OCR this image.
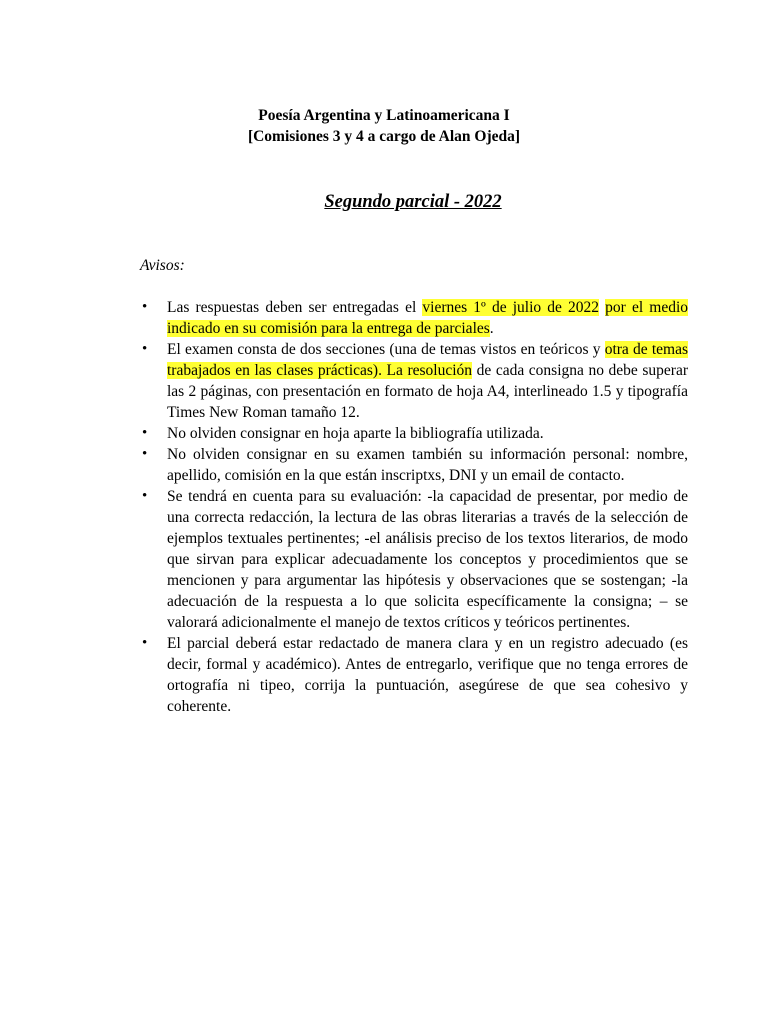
Poesía Argentina y Latinoamericana I
[Comisiones 3 y 4 a cargo de Alan Ojeda]
Segundo parcial - 2022
Avisos:
•	Las respuestas deben ser entregadas el viernes 1º de julio de 2022 por el medio indicado en su comisión para la entrega de parciales.
•	El examen consta de dos secciones (una de temas vistos en teóricos y otra de temas trabajados en las clases prácticas). La resolución de cada consigna no debe superar las 2 páginas, con presentación en formato de hoja A4, interlineado 1.5 y tipografía Times New Roman tamaño 12.
•	No olviden consignar en hoja aparte la bibliografía utilizada.
•	No olviden consignar en su examen también su información personal: nombre, apellido, comisión en la que están inscriptxs, DNI y un email de contacto.
•	Se tendrá en cuenta para su evaluación: -la capacidad de presentar, por medio de una correcta redacción, la lectura de las obras literarias a través de la selección de ejemplos textuales pertinentes; -el análisis preciso de los textos literarios, de modo que sirvan para explicar adecuadamente los conceptos y procedimientos que se mencionen y para argumentar las hipótesis y observaciones que se sostengan; -la adecuación de la respuesta a lo que solicita específicamente la consigna; – se valorará adicionalmente el manejo de textos críticos y teóricos pertinentes.
•	El parcial deberá estar redactado de manera clara y en un registro adecuado (es decir, formal y académico). Antes de entregarlo, verifique que no tenga errores de ortografía ni tipeo, corrija la puntuación, asegúrese de que sea cohesivo y coherente.
